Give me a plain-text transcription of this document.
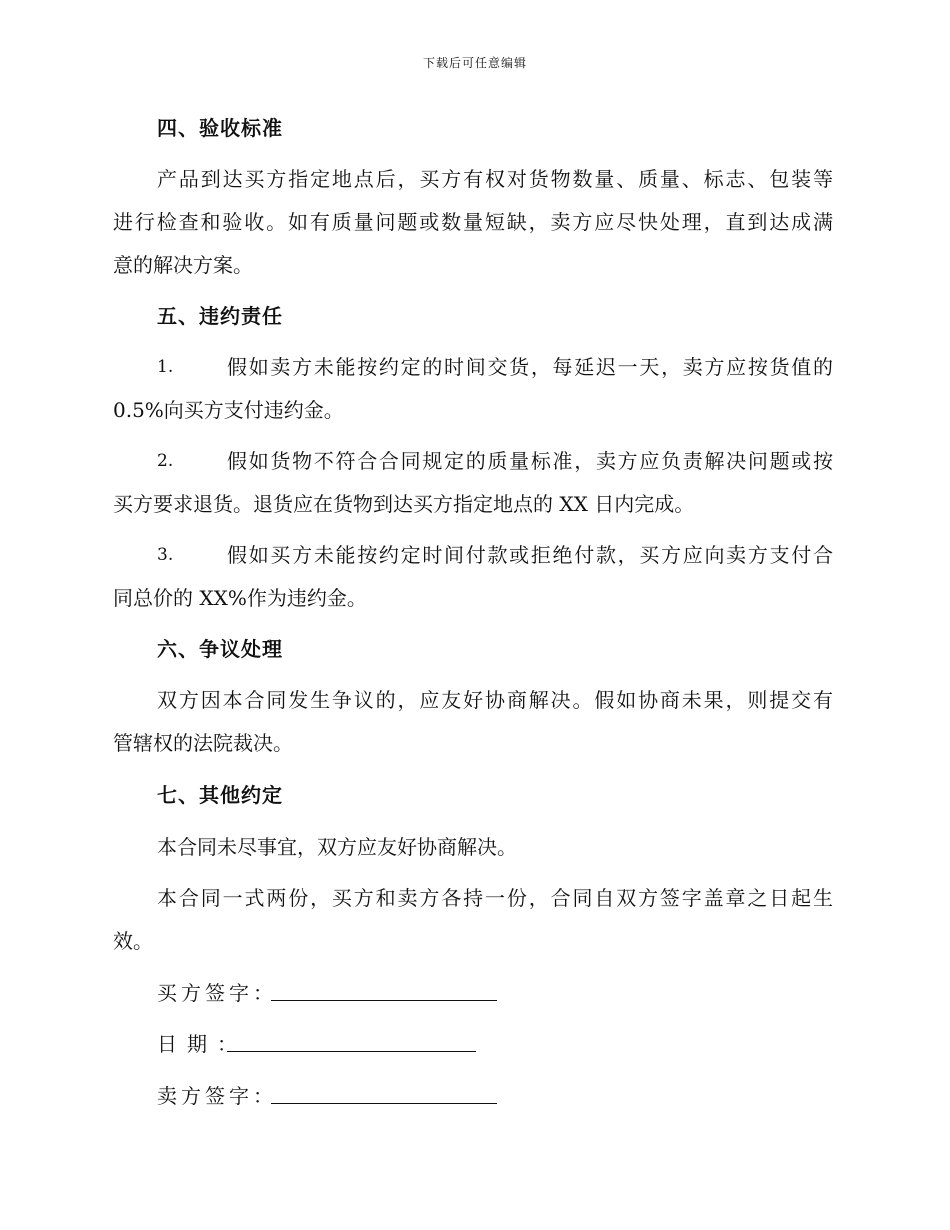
下载后可任意编辑
四、验收标准
产品到达买方指定地点后，买方有权对货物数量、质量、标志、包装等
进行检查和验收。如有质量问题或数量短缺，卖方应尽快处理，直到达成满
意的解决方案。
五、违约责任
1.	假如卖方未能按约定的时间交货，每延迟一天，卖方应按货值的
0.5%向买方支付违约金。
2.	假如货物不符合合同规定的质量标准，卖方应负责解决问题或按
买方要求退货。退货应在货物到达买方指定地点的 XX 日内完成。
3.	假如买方未能按约定时间付款或拒绝付款，买方应向卖方支付合
同总价的 XX%作为违约金。
六、争议处理
双方因本合同发生争议的，应友好协商解决。假如协商未果，则提交有
管辖权的法院裁决。
七、其他约定
本合同未尽事宜，双方应友好协商解决。
本合同一式两份，买方和卖方各持一份，合同自双方签字盖章之日起生
效。
买方签字：
日期：
卖方签字：
